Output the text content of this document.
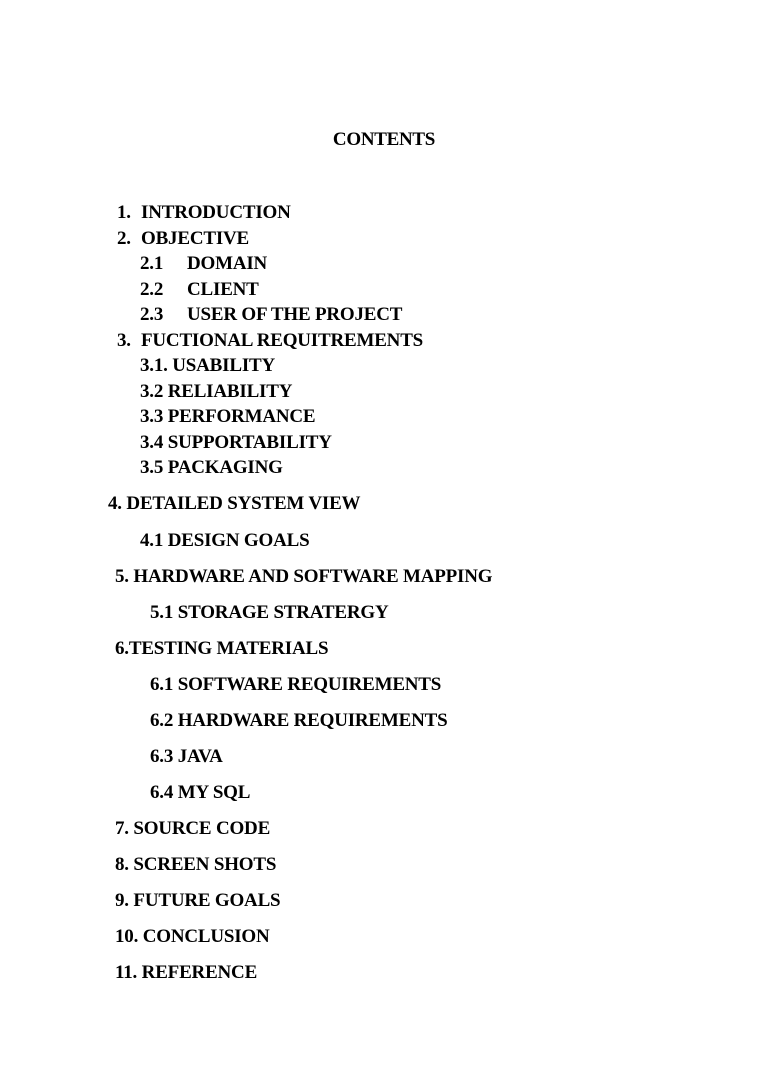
CONTENTS
1. INTRODUCTION
2. OBJECTIVE
2.1 DOMAIN
2.2 CLIENT
2.3 USER OF THE PROJECT
3. FUCTIONAL REQUITREMENTS
3.1. USABILITY
3.2 RELIABILITY
3.3 PERFORMANCE
3.4 SUPPORTABILITY
3.5 PACKAGING
4. DETAILED SYSTEM VIEW
4.1 DESIGN GOALS
5. HARDWARE AND SOFTWARE MAPPING
5.1 STORAGE STRATERGY
6.TESTING MATERIALS
6.1 SOFTWARE REQUIREMENTS
6.2 HARDWARE REQUIREMENTS
6.3 JAVA
6.4 MY SQL
7. SOURCE CODE
8. SCREEN SHOTS
9. FUTURE GOALS
10. CONCLUSION
11. REFERENCE
